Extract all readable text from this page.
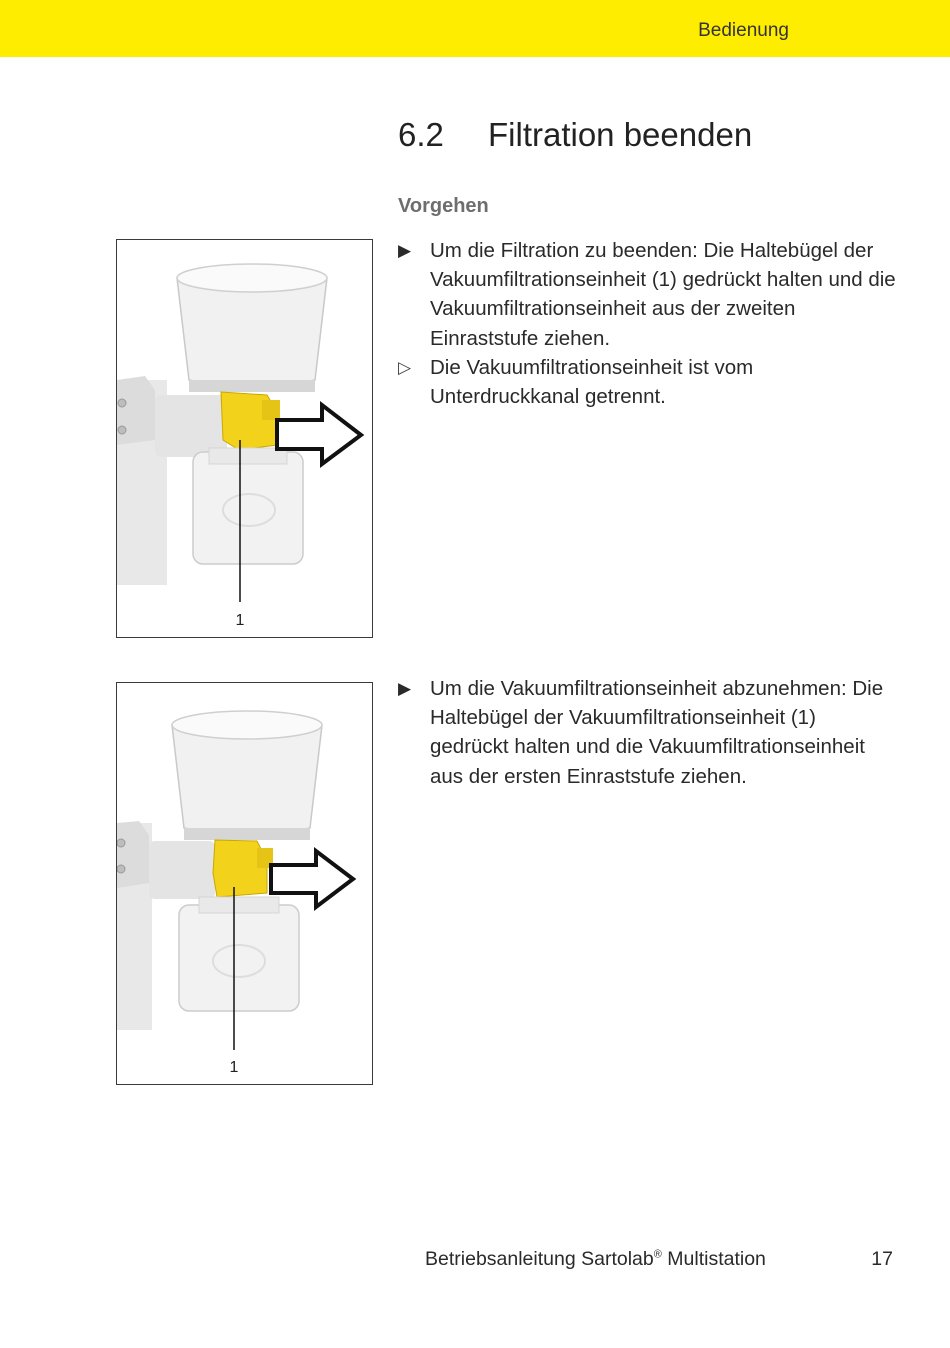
Bedienung
6.2 Filtration beenden
Vorgehen
1
▶ Um die Filtration zu beenden: Die Haltebügel der Vakuumfiltrationseinheit (1) gedrückt halten und die Vakuumfiltrationseinheit aus der zweiten Einraststufe ziehen.
▷ Die Vakuumfiltrationseinheit ist vom Unterdruckkanal getrennt.
1
▶ Um die Vakuumfiltrationseinheit abzunehmen: Die Haltebügel der Vakuumfiltrationseinheit (1) gedrückt halten und die Vakuumfiltrationseinheit aus der ersten Einraststufe ziehen.
Betriebsanleitung Sartolab® Multistation	17
